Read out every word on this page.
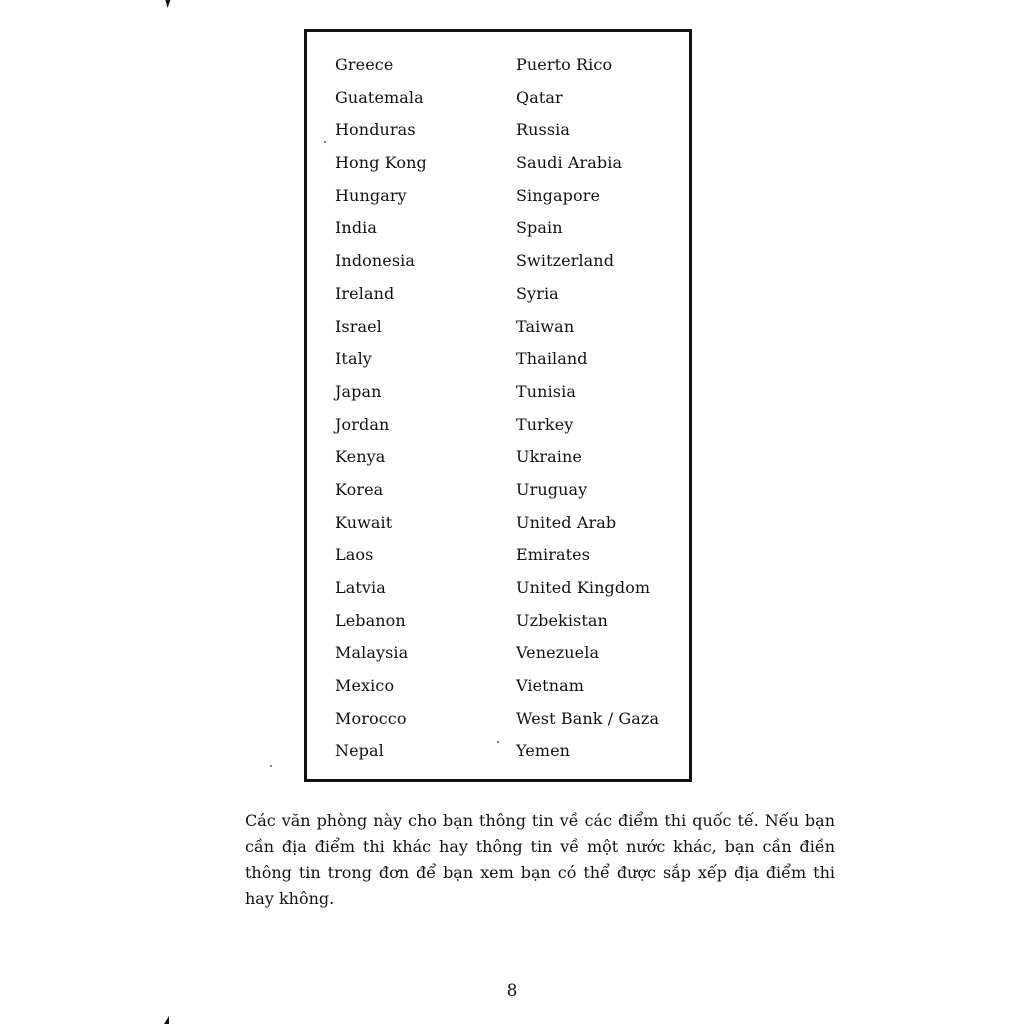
Greece
Guatemala
Honduras
Hong Kong
Hungary
India
Indonesia
Ireland
Israel
Italy
Japan
Jordan
Kenya
Korea
Kuwait
Laos
Latvia
Lebanon
Malaysia
Mexico
Morocco
Nepal
Puerto Rico
Qatar
Russia
Saudi Arabia
Singapore
Spain
Switzerland
Syria
Taiwan
Thailand
Tunisia
Turkey
Ukraine
Uruguay
United Arab
Emirates
United Kingdom
Uzbekistan
Venezuela
Vietnam
West Bank / Gaza
Yemen

Các văn phòng này cho bạn thông tin về các điểm thi quốc tế. Nếu bạn cần địa điểm thi khác hay thông tin về một nước khác, bạn cần điền thông tin trong đơn để bạn xem bạn có thể được sắp xếp địa điểm thi hay không.

8
